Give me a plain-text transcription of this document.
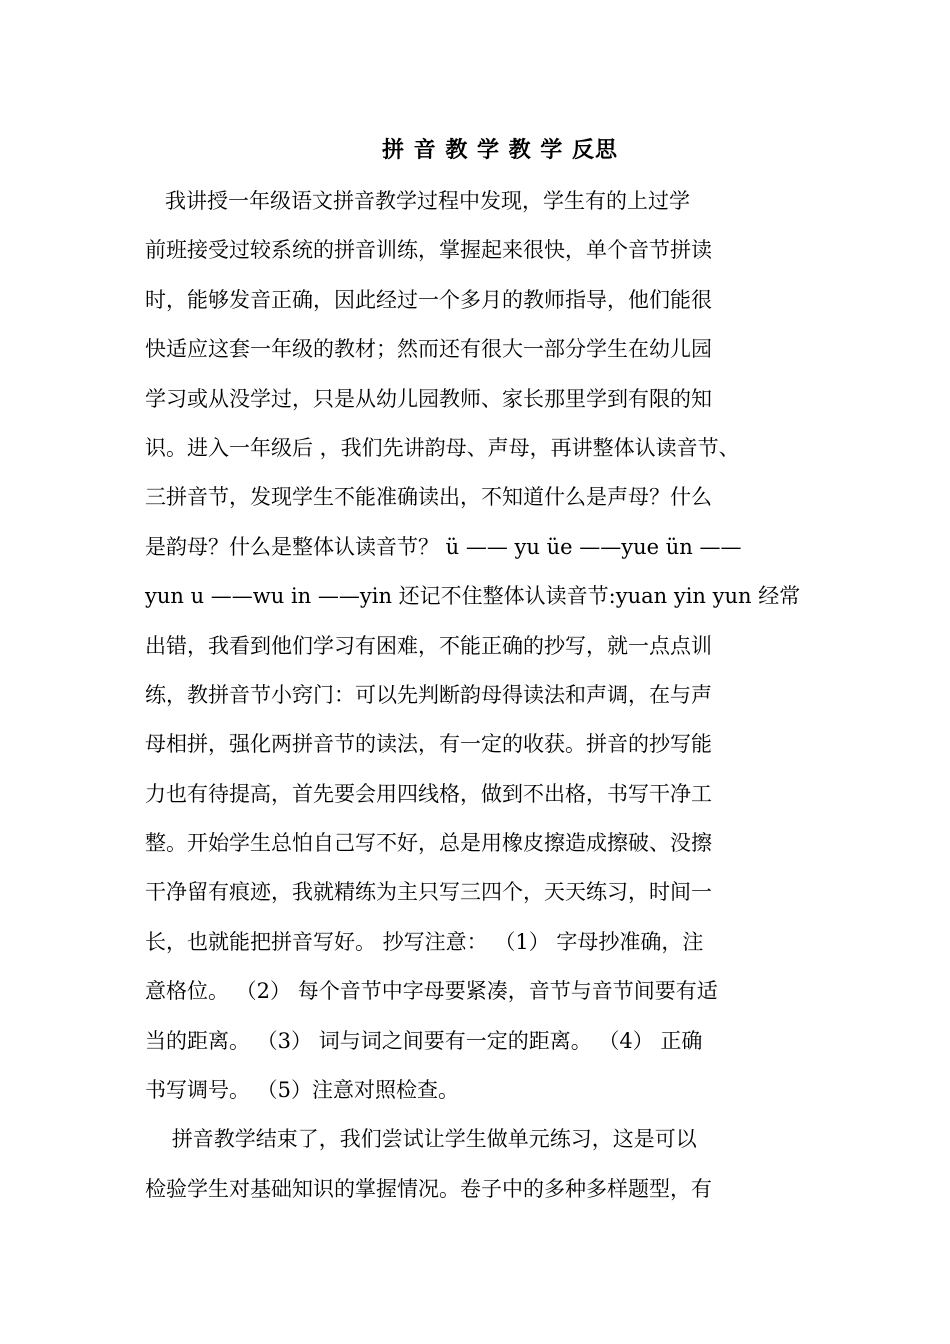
拼 音 教 学 教 学 反思
我讲授一年级语文拼音教学过程中发现，学生有的上过学
前班接受过较系统的拼音训练，掌握起来很快，单个音节拼读
时，能够发音正确，因此经过一个多月的教师指导，他们能很
快适应这套一年级的教材；然而还有很大一部分学生在幼儿园
学习或从没学过，只是从幼儿园教师、家长那里学到有限的知
识。进入一年级后 ，我们先讲韵母、声母，再讲整体认读音节、
三拼音节，发现学生不能准确读出，不知道什么是声母？什么
是韵母？什么是整体认读音节？ ü —— yu üe ——yue ün ——
yun u ——wu in ——yin 还记不住整体认读音节:yuan yin yun 经常
出错，我看到他们学习有困难，不能正确的抄写，就一点点训
练，教拼音节小窍门：可以先判断韵母得读法和声调，在与声
母相拼，强化两拼音节的读法，有一定的收获。拼音的抄写能
力也有待提高，首先要会用四线格，做到不出格，书写干净工
整。开始学生总怕自己写不好，总是用橡皮擦造成擦破、没擦
干净留有痕迹，我就精练为主只写三四个，天天练习，时间一
长，也就能把拼音写好。 抄写注意： （1） 字母抄准确，注
意格位。 （2） 每个音节中字母要紧凑，音节与音节间要有适
当的距离。 （3） 词与词之间要有一定的距离。 （4） 正确
书写调号。 （5）注意对照检查。
拼音教学结束了，我们尝试让学生做单元练习，这是可以
检验学生对基础知识的掌握情况。卷子中的多种多样题型，有
